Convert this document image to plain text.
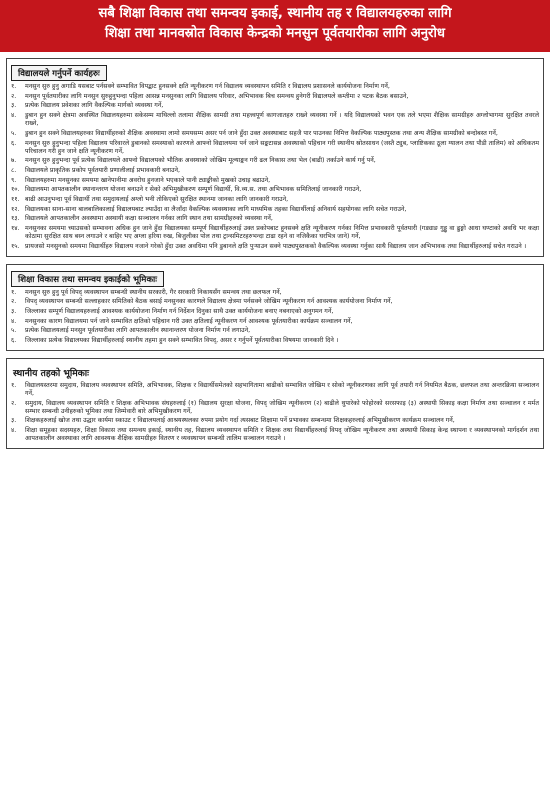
सबै शिक्षा विकास तथा समन्वय इकाई, स्थानीय तह र विद्यालयहरुका लागि
शिक्षा तथा मानवस्रोत विकास केन्द्रको मनसुन पूर्वतयारीका लागि अनुरोध
विद्यालयले गर्नुपर्ने कार्यहरुः
१.	मनसुन सुरु हुनु अगाडि यसबाट पर्नसक्ने सम्भावित विपद्बाट हुनसक्ने क्षति न्यूनीकरण गर्न विद्यालय व्यवस्थापन समिति र विद्यालय प्रशासनले कार्ययोजना निर्माण गर्ने,
२.	मनसुन पूर्वतयारीका लागि मनसुन सुरुहुनुभन्दा पहिला आसन्न मनसुनका लागि विद्यालय परिवार, अभिभावक बिच समन्वय हुनेगरी विद्यालयले कम्तीमा २ पटक बैठक बसाउने,
३.	प्रत्येक विद्यालय प्रवेशका लागि वैकल्पिक मार्गको व्यवस्था गर्ने,
४.	डुबान हुन सक्ने क्षेत्रमा अवस्थित विद्यालयहरुमा सकेसम्म माथिल्लो तलामा शैक्षिक सामग्री तथा महत्त्वपूर्ण कागजातहरु राख्ने व्यवस्था गर्ने । यदि विद्यालयको भवन एक तले भएमा शैक्षिक सामग्रीहरु अग्लोभागमा सुरक्षित तवरले राख्ने,
५.	डुबान हुन सक्ने विद्यालयहरुका विद्यार्थीहरुको शैक्षिक अवस्थामा लामो समयसम्म असर पर्न जाने हुँदा उक्त अवस्थाबाट सहजै पार पाउनका निमित्त वैकल्पिक पाठ्यपुस्तक तथा अन्य शैक्षिक सामग्रीको बन्दोबस्त गर्ने,
६.	मनसुन सुरु हुनुभन्दा पहिला विद्यालय परिवारले डुबानको समस्याको कारणले आफ्नो विद्यालयमा पर्न जाने सङ्कटासन्न अवस्थाको पहिचान गरी स्थानीय स्रोतसाधन (जस्तै ट्युब, प्लाष्टिकका ठूला ग्यालन तथा पौडी तालिम) को अधिकतम परिचालन गरी हुन जाने क्षति न्यूनीकरण गर्ने,
७.	मनसुन सुरु हुनुभन्दा पूर्व प्रत्येक विद्यालयले आफ्नो विद्यालयको भौतिक अवस्थाको जोखिम मूल्याङ्कन गरी ढल निकास तथा भेल (बाढी) तर्काउने कार्य गर्नु पर्ने,
८.	विद्यालयले प्राकृतिक प्रकोप पूर्वतयारी प्रणालीलाई प्रभावकारी बनाउने,
९.	विद्यालयहरुमा मनसुनका समयमा खानेपानीमा अवरोध हुनजाने भएकाले पानी ट्याङ्कीको मुखको उचाइ बढाउने,
१०. विद्यालयमा आपतकालीन स्थानान्तरण योजना बनाउने र सेको अभिमुखीकरण सम्पूर्ण विद्यार्थी, वि.व्य.स. तथा अभिभावक समितिलाई जानकारी गराउने,
११. बाढी आउनुभन्दा पूर्व विद्यार्थी तथा समुदायलाई अग्लो भनी तोकिएको सुरक्षित स्थानमा जानका लागि जानकारी गराउने,
१२. विद्यालयका साना-साना बालबालिकालाई विद्यालयबाट ल्याउँदा वा लैजाँदा वैकल्पिक व्यवस्थाका लागि माध्यमिक तहका विद्यार्थीलाई अनिवार्य सहयोगका लागि सचेत गराउने,
१३. विद्यालयले आपतकालीन अवस्थामा अस्थायी कक्षा सञ्चालन गर्नका लागि स्थान तथा सामग्रीहरुको व्यवस्था गर्ने,
१४. मनसुनका समयमा च्याउसको सम्भावना अधिक हुन जाने हुँदा विद्यालयका सम्पूर्ण विद्यार्थीहरुलाई उक्त प्रकोपबाट हुनसक्ने क्षति न्यूनीकरण गर्नका निमित्त प्रभावकारी पूर्वतयारी (गड्याङ गुड्डु वा ढुङ्गो आधा घण्टाको अवधि भर कक्षा कोठामा सुरक्षित साथ बस्न लगाउने र बाहिर भए अग्ला हरिया रुख, बिजुलीका पोल तथा ट्रान्समिटरहरुभन्दा टाढा रहने वा नजिकैका घरभित्र जाने) गर्ने,
१५. प्रायजसो मनसुनको समयमा विद्यार्थीहरु विद्यालय नजाने गरेको हुँदा उक्त अवधिमा पनि डुबानले क्षति पुऱ्याउन सक्ने पाठ्यपुस्तकको वैकल्पिक व्यवस्था गर्नुका साथै विद्यालय जान अभिभावक तथा विद्यार्थीहरुलाई सचेत गराउने ।
शिक्षा विकास तथा समन्वय इकाईको भूमिकाः
१.	मनसुन सुरु हुनु पूर्व विपद् व्यवस्थापन सम्बन्धी स्थानीय सरकारी, गैर सरकारी निकायसँग समन्वय तथा छलफल गर्ने,
२.	विपद् व्यवस्थापन सम्बन्धी सल्लाहकार समितिको बैठक बसाई मनसुनका कारणले विद्यालय क्षेत्रमा पर्नसक्ने जोखिम न्यूनीकरण गर्न आवश्यक कार्ययोजना निर्माण गर्ने,
३.	जिल्लाका सम्पूर्ण विद्यालयहरुलाई आवश्यक कार्ययोजना निर्माण गर्न निर्देशन दिनुका साथै उक्त कार्ययोजना बनाए नबनाएको अनुगमन गर्ने,
४.	मनसुनका कारण विद्यालयमा पर्न जाने सम्भावित क्षतिको पहिचान गरी उक्त क्षतिलाई न्यूनीकरण गर्न आवश्यक पूर्वतयारीका कार्यक्रम सञ्चालन गर्ने,
५.	प्रत्येक विद्यालयलाई मनसुन पूर्वतयारीका लागि आपतकालीन स्थानान्तरण योजना निर्माण गर्न लगाउने,
६.	जिल्लाका प्रत्येक विद्यालयका विद्यार्थीहरुलाई स्थानीय तहमा हुन सक्ने सम्भावित विपद्, असर र गर्नुपर्ने पूर्वतयारीका विषयमा जानकारी दिने ।
स्थानीय तहको भूमिकाः
१.	विद्यालयस्तरमा समुदाय, विद्यालय व्यवस्थापन समिति, अभिभावक, शिक्षक र विद्यार्थीसमेतको सहभागितामा बाढीको सम्भावित जोखिम र सोको न्यूनीकरणका लागि पूर्व तयारी गर्न नियमित बैठक, छलफल तथा अन्तरक्रिया सञ्चालन गर्ने,
२.	समुदाय, विद्यालय व्यवस्थापन समिति र शिक्षक अभिभावक संघहरुलाई (१) विद्यालय सुरक्षा योजना, विपद् जोखिम न्यूनीकरण (२) बाढीले थुपारेको फोहोरको सरसफाइ (३) अस्थायी सिकाइ कक्षा निर्माण तथा सञ्चालन र मर्मत सम्भार सम्बन्धी उनीहरुको भूमिका तथा जिम्मेवारी बारे अभिमुखीकरण गर्ने,
३.	शिक्षकहरुलाई खोज तथा उद्धार कार्यमा स्काउट र विद्यालयलाई आश्रयस्थलका रुपमा प्रयोग गर्दा त्यसबाट शिक्षामा पर्ने प्रभावका सम्बन्धमा शिक्षकहरुलाई अभिमुखीकरण कार्यक्रम सञ्चालन गर्ने,
४.	शिक्षा समूहका सदस्यहरु, शिक्षा विकास तथा समन्वय इकाई, स्थानीय तह, विद्यालय व्यवस्थापन समिति र शिक्षक तथा विद्यार्थीहरुलाई विपद् जोखिम न्यूनीकरण तथा अस्थायी सिकाइ केन्द्र स्थापना र व्यवस्थापनको मार्गदर्शन तथा आपतकालीन अवस्थाका लागि आवश्यक शैक्षिक सामग्रीहरु वितरण र व्यवस्थापन सम्बन्धी तालिम सञ्चालन गराउने ।
